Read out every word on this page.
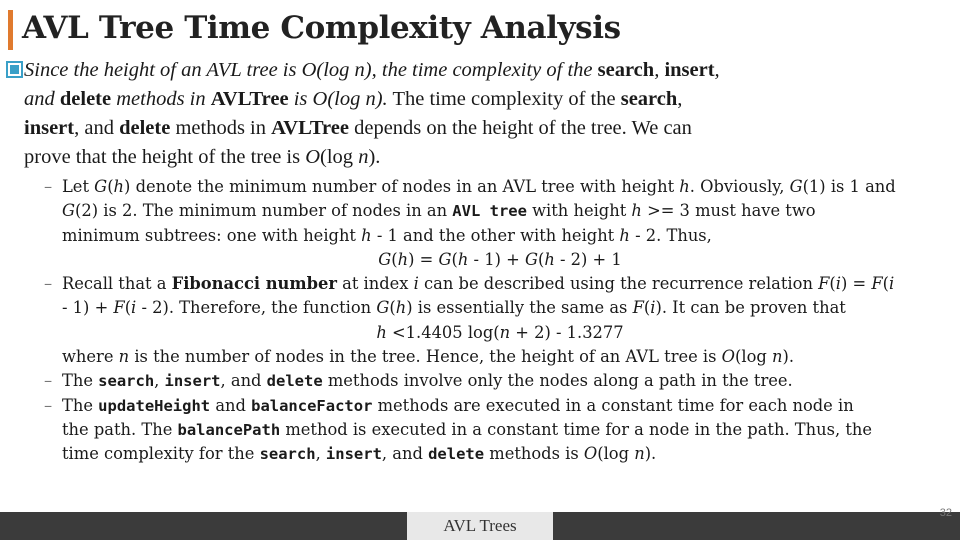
AVL Tree Time Complexity Analysis
Since the height of an AVL tree is O(log n), the time complexity of the search, insert,
and delete methods in AVLTree is O(log n). The time complexity of the search,
insert, and delete methods in AVLTree depends on the height of the tree. We can
prove that the height of the tree is O(log n).
– Let G(h) denote the minimum number of nodes in an AVL tree with height h. Obviously, G(1) is 1 and
G(2) is 2. The minimum number of nodes in an AVL tree with height h >= 3 must have two
minimum subtrees: one with height h - 1 and the other with height h - 2. Thus,
G(h) = G(h - 1) + G(h - 2) + 1
– Recall that a Fibonacci number at index i can be described using the recurrence relation F(i) = F(i
- 1) + F(i - 2). Therefore, the function G(h) is essentially the same as F(i). It can be proven that
h <1.4405 log(n + 2) - 1.3277
where n is the number of nodes in the tree. Hence, the height of an AVL tree is O(log n).
– The search, insert, and delete methods involve only the nodes along a path in the tree.
– The updateHeight and balanceFactor methods are executed in a constant time for each node in
the path. The balancePath method is executed in a constant time for a node in the path. Thus, the
time complexity for the search, insert, and delete methods is O(log n).
AVL Trees
32
